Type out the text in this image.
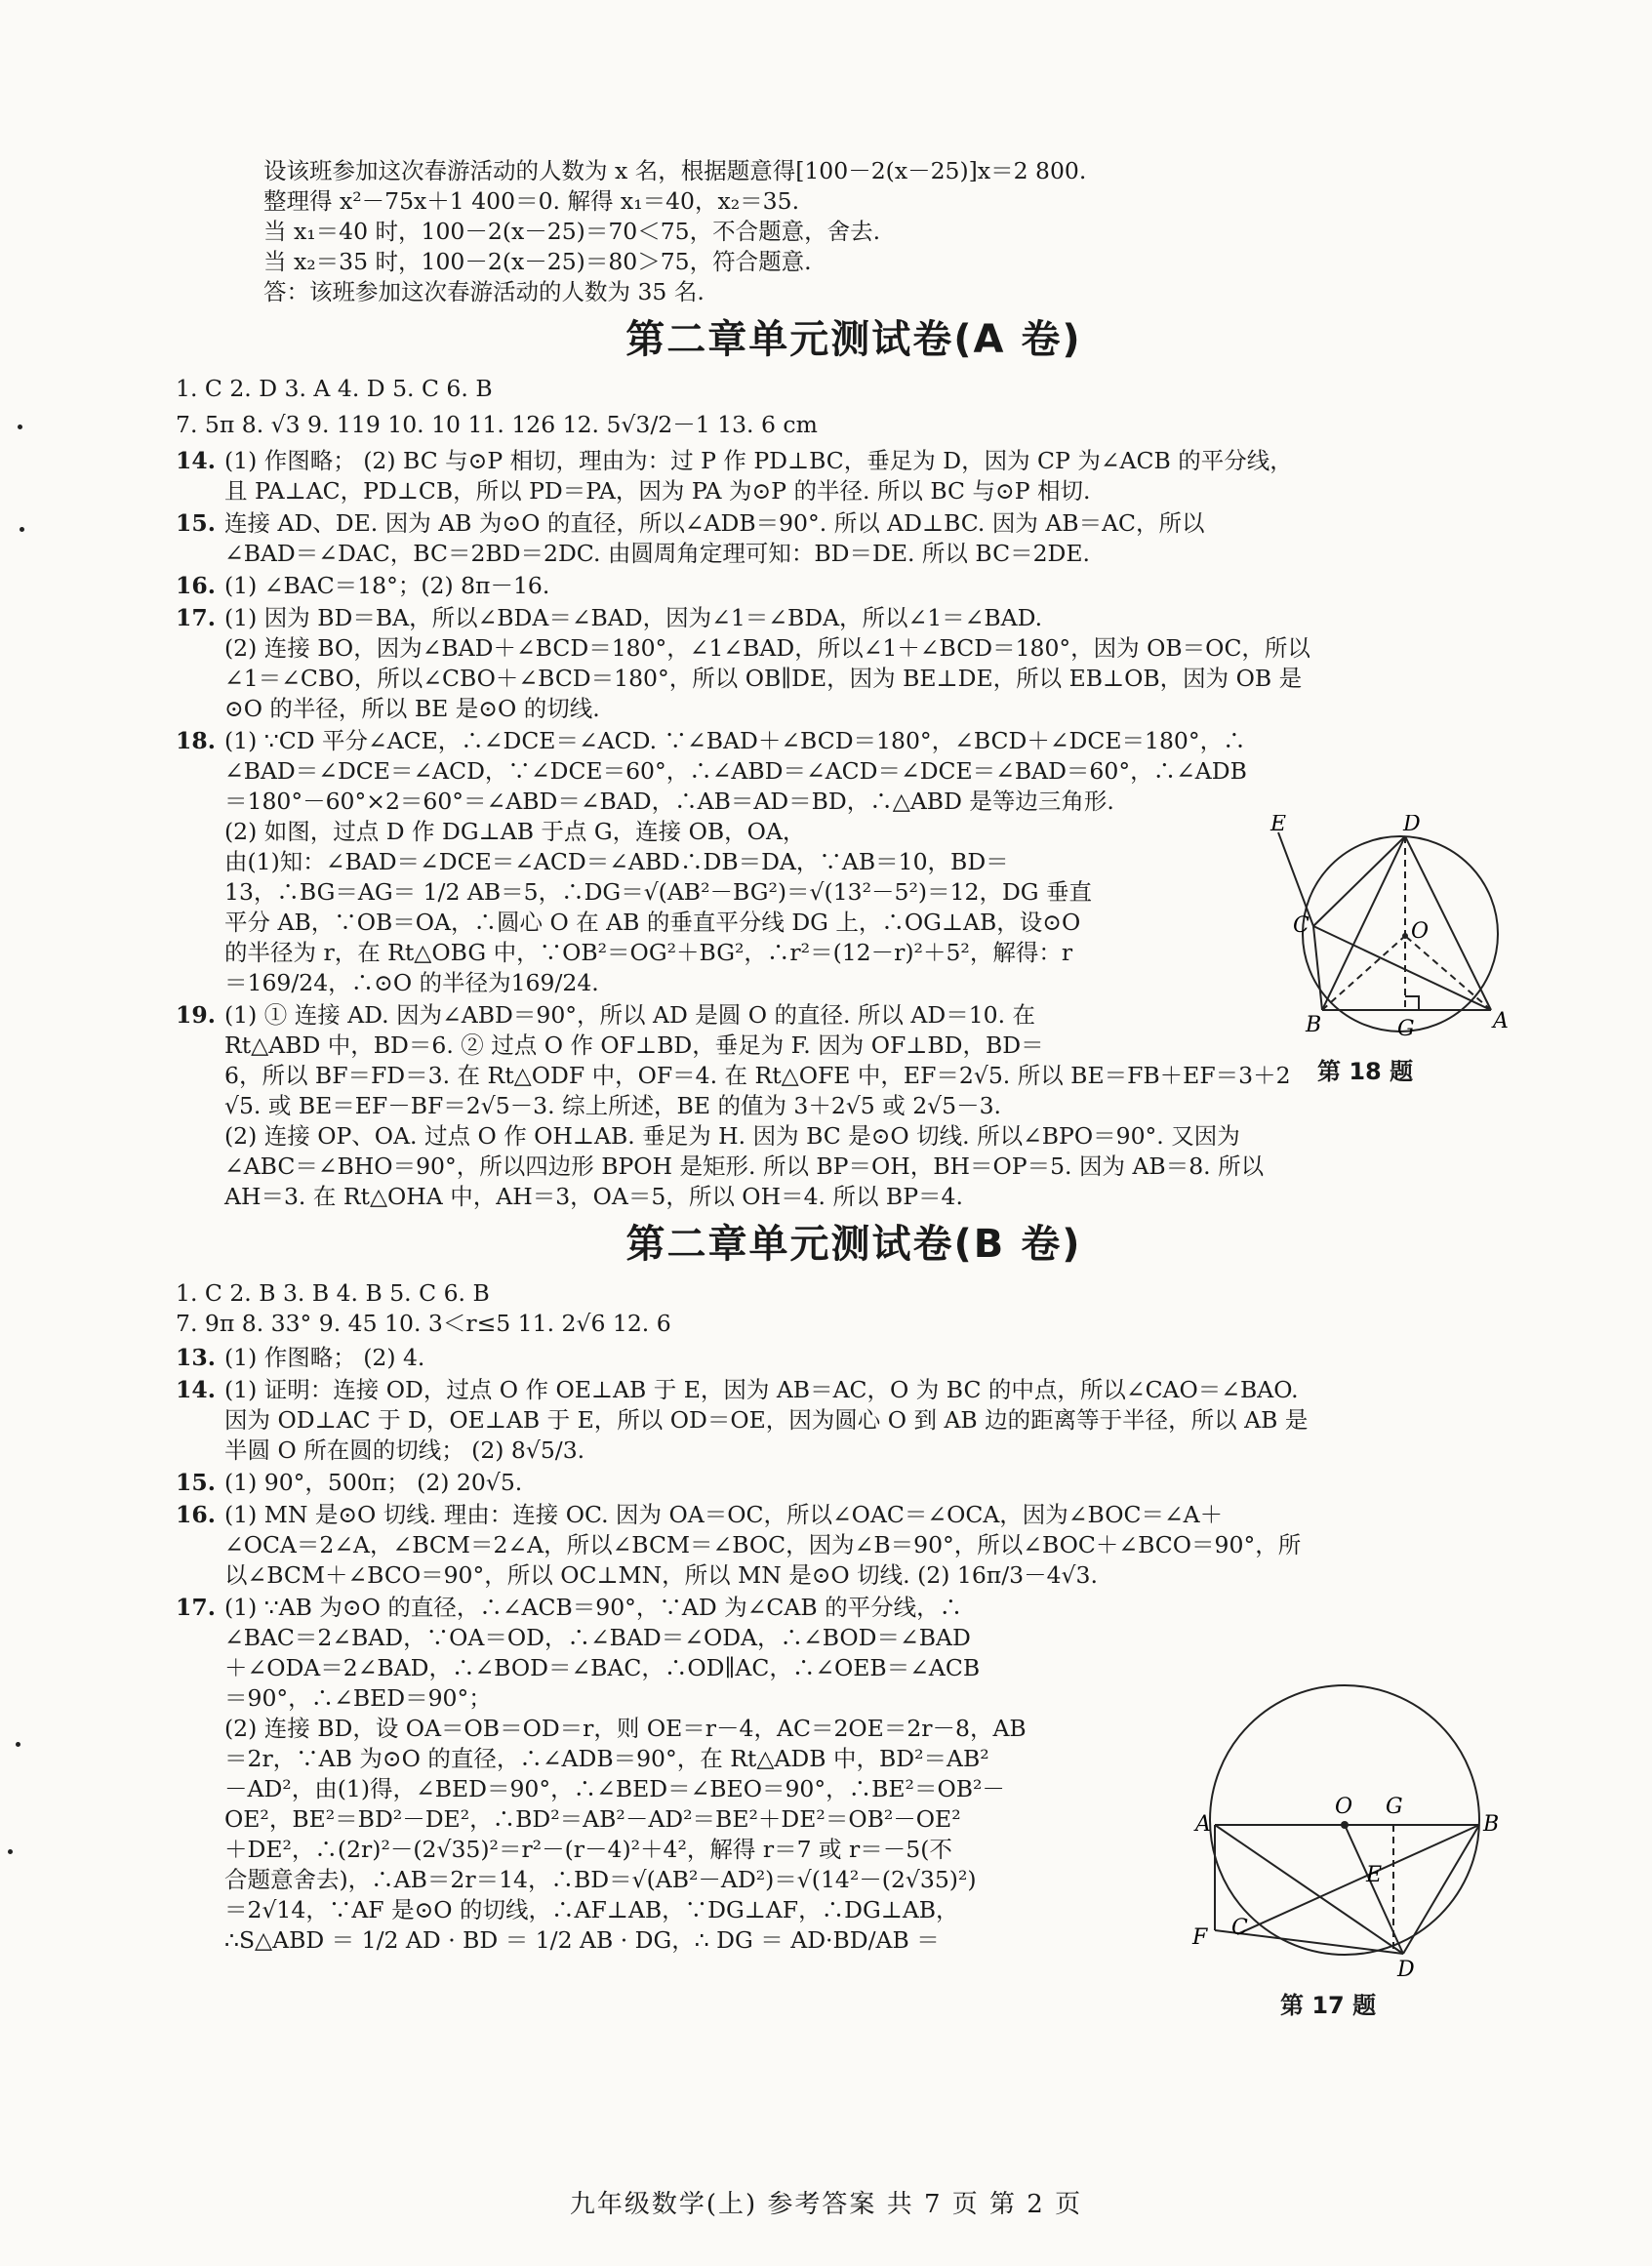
设该班参加这次春游活动的人数为 x 名，根据题意得[100－2(x－25)]x＝2 800.
整理得 x²－75x＋1 400＝0. 解得 x₁＝40，x₂＝35.
当 x₁＝40 时，100－2(x－25)＝70＜75，不合题意，舍去.
当 x₂＝35 时，100－2(x－25)＝80＞75，符合题意.
答：该班参加这次春游活动的人数为 35 名.
第二章单元测试卷(A 卷)
1. C 2. D 3. A 4. D 5. C 6. B
7. 5π 8. √3 9. 119 10. 10 11. 126 12. 5√3/2－1 13. 6 cm
14. (1) 作图略； (2) BC 与⊙P 相切，理由为：过 P 作 PD⊥BC，垂足为 D，因为 CP 为∠ACB 的平分线，
且 PA⊥AC，PD⊥CB，所以 PD＝PA，因为 PA 为⊙P 的半径. 所以 BC 与⊙P 相切.
15. 连接 AD、DE. 因为 AB 为⊙O 的直径，所以∠ADB＝90°. 所以 AD⊥BC. 因为 AB＝AC，所以
∠BAD＝∠DAC，BC＝2BD＝2DC. 由圆周角定理可知：BD＝DE. 所以 BC＝2DE.
16. (1) ∠BAC＝18°；(2) 8π－16.
17. (1) 因为 BD＝BA，所以∠BDA＝∠BAD，因为∠1＝∠BDA，所以∠1＝∠BAD.
(2) 连接 BO，因为∠BAD＋∠BCD＝180°，∠1∠BAD，所以∠1＋∠BCD＝180°，因为 OB＝OC，所以
∠1＝∠CBO，所以∠CBO＋∠BCD＝180°，所以 OB∥DE，因为 BE⊥DE，所以 EB⊥OB，因为 OB 是
⊙O 的半径，所以 BE 是⊙O 的切线.
18. (1) ∵CD 平分∠ACE，∴∠DCE＝∠ACD. ∵∠BAD＋∠BCD＝180°，∠BCD＋∠DCE＝180°，∴
∠BAD＝∠DCE＝∠ACD，∵∠DCE＝60°，∴∠ABD＝∠ACD＝∠DCE＝∠BAD＝60°，∴∠ADB
＝180°－60°×2＝60°＝∠ABD＝∠BAD，∴AB＝AD＝BD，∴△ABD 是等边三角形.
(2) 如图，过点 D 作 DG⊥AB 于点 G，连接 OB，OA，
由(1)知：∠BAD＝∠DCE＝∠ACD＝∠ABD∴DB＝DA，∵AB＝10，BD＝
13，∴BG＝AG＝ 1/2 AB＝5，∴DG＝√(AB²－BG²)＝√(13²－5²)＝12，DG 垂直
平分 AB，∵OB＝OA，∴圆心 O 在 AB 的垂直平分线 DG 上，∴OG⊥AB，设⊙O
的半径为 r，在 Rt△OBG 中，∵OB²＝OG²＋BG²，∴r²＝(12－r)²＋5²，解得：r
＝169/24，∴⊙O 的半径为169/24.
19. (1) ① 连接 AD. 因为∠ABD＝90°，所以 AD 是圆 O 的直径. 所以 AD＝10. 在
Rt△ABD 中，BD＝6. ② 过点 O 作 OF⊥BD，垂足为 F. 因为 OF⊥BD，BD＝
6，所以 BF＝FD＝3. 在 Rt△ODF 中，OF＝4. 在 Rt△OFE 中，EF＝2√5. 所以 BE＝FB＋EF＝3＋2
√5. 或 BE＝EF－BF＝2√5－3. 综上所述，BE 的值为 3＋2√5 或 2√5－3.
(2) 连接 OP、OA. 过点 O 作 OH⊥AB. 垂足为 H. 因为 BC 是⊙O 切线. 所以∠BPO＝90°. 又因为
∠ABC＝∠BHO＝90°，所以四边形 BPOH 是矩形. 所以 BP＝OH，BH＝OP＝5. 因为 AB＝8. 所以
AH＝3. 在 Rt△OHA 中，AH＝3，OA＝5，所以 OH＝4. 所以 BP＝4.
第二章单元测试卷(B 卷)
1. C 2. B 3. B 4. B 5. C 6. B
7. 9π 8. 33° 9. 45 10. 3＜r≤5 11. 2√6 12. 6
13. (1) 作图略； (2) 4.
14. (1) 证明：连接 OD，过点 O 作 OE⊥AB 于 E，因为 AB＝AC，O 为 BC 的中点，所以∠CAO＝∠BAO.
因为 OD⊥AC 于 D，OE⊥AB 于 E，所以 OD＝OE，因为圆心 O 到 AB 边的距离等于半径，所以 AB 是
半圆 O 所在圆的切线； (2) 8√5/3.
15. (1) 90°，500π； (2) 20√5.
16. (1) MN 是⊙O 切线. 理由：连接 OC. 因为 OA＝OC，所以∠OAC＝∠OCA，因为∠BOC＝∠A＋
∠OCA＝2∠A，∠BCM＝2∠A，所以∠BCM＝∠BOC，因为∠B＝90°，所以∠BOC＋∠BCO＝90°，所
以∠BCM＋∠BCO＝90°，所以 OC⊥MN，所以 MN 是⊙O 切线. (2) 16π/3－4√3.
17. (1) ∵AB 为⊙O 的直径，∴∠ACB＝90°，∵AD 为∠CAB 的平分线，∴
∠BAC＝2∠BAD，∵OA＝OD，∴∠BAD＝∠ODA，∴∠BOD＝∠BAD
＋∠ODA＝2∠BAD，∴∠BOD＝∠BAC，∴OD∥AC，∴∠OEB＝∠ACB
＝90°，∴∠BED＝90°；
(2) 连接 BD，设 OA＝OB＝OD＝r，则 OE＝r－4，AC＝2OE＝2r－8，AB
＝2r，∵AB 为⊙O 的直径，∴∠ADB＝90°，在 Rt△ADB 中，BD²＝AB²
－AD²，由(1)得，∠BED＝90°，∴∠BED＝∠BEO＝90°，∴BE²＝OB²－
OE²，BE²＝BD²－DE²，∴BD²＝AB²－AD²＝BE²＋DE²＝OB²－OE²
＋DE²，∴(2r)²－(2√35)²＝r²－(r－4)²＋4²，解得 r＝7 或 r＝－5(不
合题意舍去)，∴AB＝2r＝14，∴BD＝√(AB²－AD²)＝√(14²－(2√35)²)
＝2√14，∵AF 是⊙O 的切线，∴AF⊥AB，∵DG⊥AF，∴DG⊥AB，
∴S△ABD ＝ 1/2 AD · BD ＝ 1/2 AB · DG，∴ DG ＝ AD·BD/AB ＝
E	D
C	O
B	G	A
第 18 题
O G
A	B
E
F C
D
第 17 题
九年级数学(上) 参考答案 共 7 页 第 2 页
